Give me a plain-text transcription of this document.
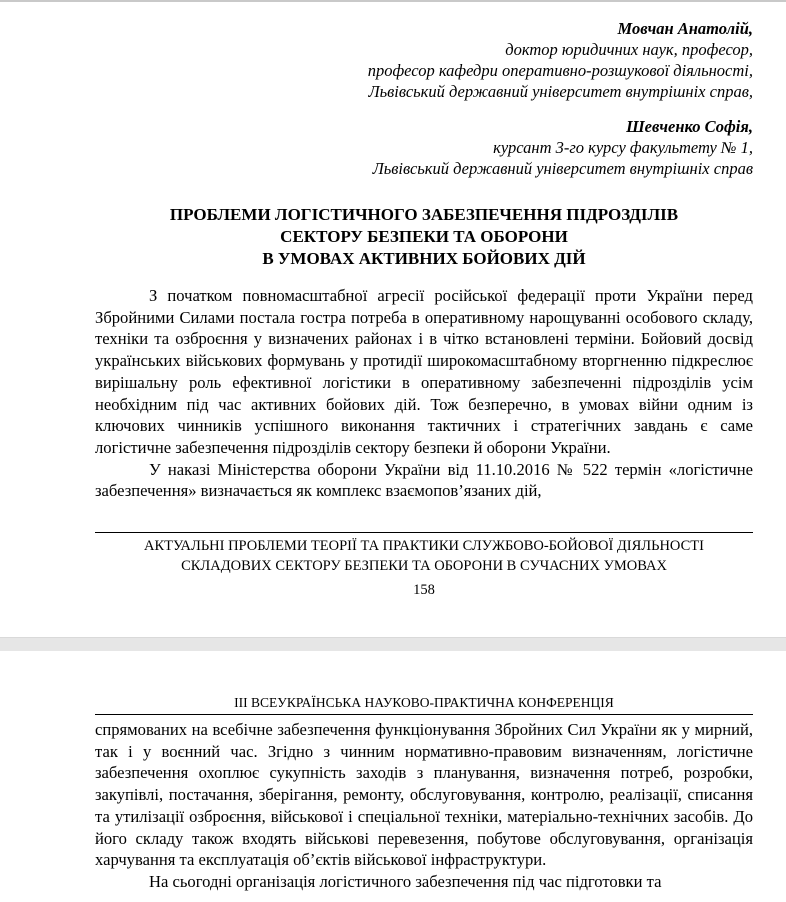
Мовчан Анатолій,
доктор юридичних наук, професор,
професор кафедри оперативно-розшукової діяльності,
Львівський державний університет внутрішніх справ,
Шевченко Софія,
курсант 3-го курсу факультету № 1,
Львівський державний університет внутрішніх справ
ПРОБЛЕМИ ЛОГІСТИЧНОГО ЗАБЕЗПЕЧЕННЯ ПІДРОЗДІЛІВ
СЕКТОРУ БЕЗПЕКИ ТА ОБОРОНИ
В УМОВАХ АКТИВНИХ БОЙОВИХ ДІЙ

З початком повномасштабної агресії російської федерації проти України перед Збройними Силами постала гостра потреба в оперативному нарощуванні особового складу, техніки та озброєння у визначених районах і в чітко встановлені терміни. Бойовий досвід українських військових формувань у протидії широкомасштабному вторгненню підкреслює вирішальну роль ефективної логістики в оперативному забезпеченні підрозділів усім необхідним під час активних бойових дій. Тож безперечно, в умовах війни одним із ключових чинників успішного виконання тактичних і стратегічних завдань є саме логістичне забезпечення підрозділів сектору безпеки й оборони України.

У наказі Міністерства оборони України від 11.10.2016 № 522 термін «логістичне забезпечення» визначається як комплекс взаємопов’язаних дій,

АКТУАЛЬНІ ПРОБЛЕМИ ТЕОРІЇ ТА ПРАКТИКИ СЛУЖБОВО-БОЙОВОЇ ДІЯЛЬНОСТІ
СКЛАДОВИХ СЕКТОРУ БЕЗПЕКИ ТА ОБОРОНИ В СУЧАСНИХ УМОВАХ
158
ІІІ ВСЕУКРАЇНСЬКА НАУКОВО-ПРАКТИЧНА КОНФЕРЕНЦІЯ

спрямованих на всебічне забезпечення функціонування Збройних Сил України як у мирний, так і у воєнний час. Згідно з чинним нормативно-правовим визначенням, логістичне забезпечення охоплює сукупність заходів з планування, визначення потреб, розробки, закупівлі, постачання, зберігання, ремонту, обслуговування, контролю, реалізації, списання та утилізації озброєння, військової і спеціальної техніки, матеріально-технічних засобів. До його складу також входять військові перевезення, побутове обслуговування, організація харчування та експлуатація об’єктів військової інфраструктури.

На сьогодні організація логістичного забезпечення під час підготовки та
